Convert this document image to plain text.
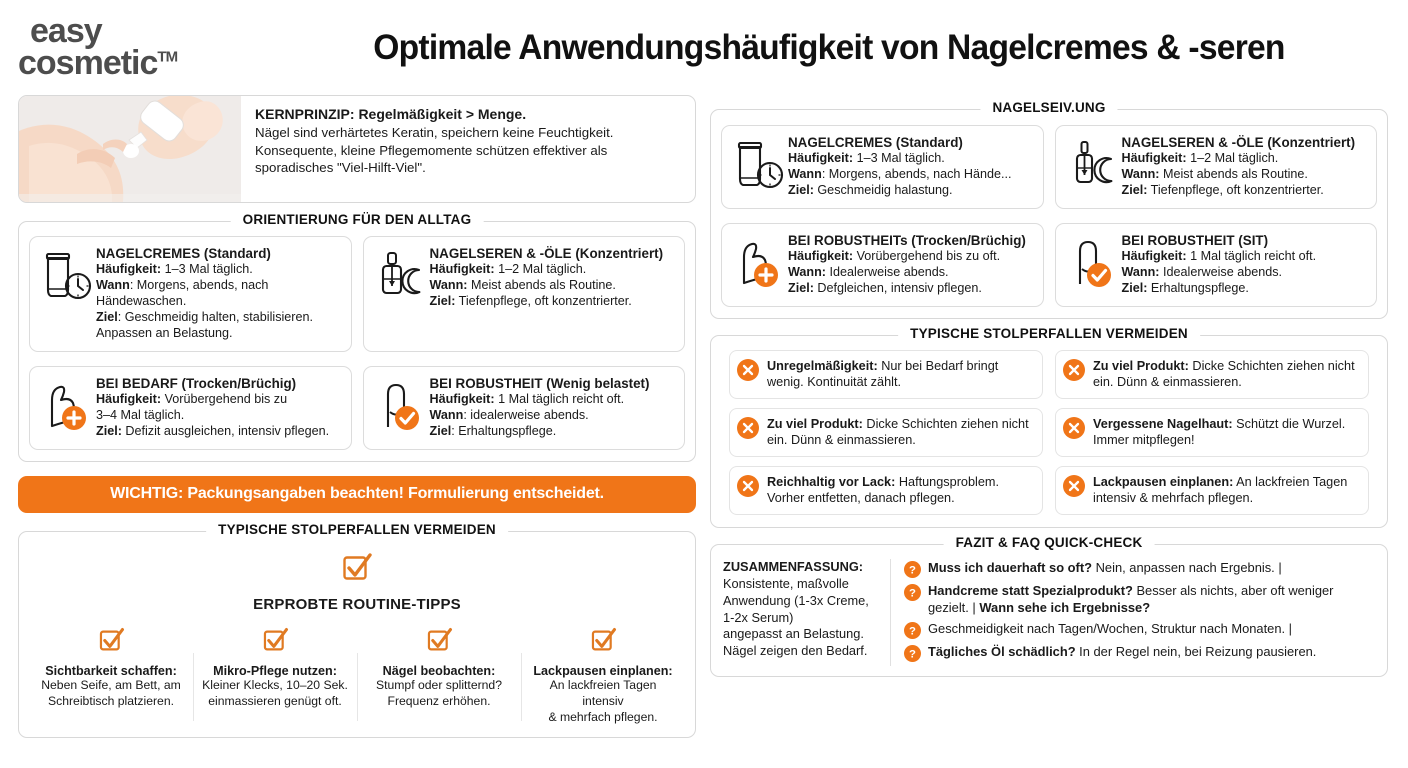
easy
cosmetic™	Optimale Anwendungshäufigkeit von Nagelcremes & -seren
KERNPRINZIP: Regelmäßigkeit > Menge.
Nägel sind verhärtetes Keratin, speichern keine Feuchtigkeit.
Konsequente, kleine Pflegemomente schützen effektiver als
sporadisches "Viel-Hilft-Viel".
ORIENTIERUNG FÜR DEN ALLTAG
NAGELCREMES (Standard)
Häufigkeit: 1–3 Mal täglich.
Wann: Morgens, abends, nach Händewaschen.
Ziel: Geschmeidig halten, stabilisieren.
Anpassen an Belastung.
NAGELSEREN & -ÖLE (Konzentriert)
Häufigkeit: 1–2 Mal täglich.
Wann: Meist abends als Routine.
Ziel: Tiefenpflege, oft konzentrierter.
BEI BEDARF (Trocken/Brüchig)
Häufigkeit: Vorübergehend bis zu
3–4 Mal täglich.
Ziel: Defizit ausgleichen, intensiv pflegen.
BEI ROBUSTHEIT (Wenig belastet)
Häufigkeit: 1 Mal täglich reicht oft.
Wann: idealerweise abends.
Ziel: Erhaltungspflege.
WICHTIG: Packungsangaben beachten! Formulierung entscheidet.
TYPISCHE STOLPERFALLEN VERMEIDEN
ERPROBTE ROUTINE-TIPPS
Sichtbarkeit schaffen:
Neben Seife, am Bett, am
Schreibtisch platzieren.
Mikro-Pflege nutzen:
Kleiner Klecks, 10–20 Sek.
einmassieren genügt oft.
Nägel beobachten:
Stumpf oder splitternd?
Frequenz erhöhen.
Lackpausen einplanen:
An lackfreien Tagen intensiv
& mehrfach pflegen.
NAGELSEIV.UNG
NAGELCREMES (Standard)
Häufigkeit: 1–3 Mal täglich.
Wann: Morgens, abends, nach Hände...
Ziel: Geschmeidig halastung.
NAGELSEREN & -ÖLE (Konzentriert)
Häufigkeit: 1–2 Mal täglich.
Wann: Meist abends als Routine.
Ziel: Tiefenpflege, oft konzentrierter.
BEI ROBUSTHEITs (Trocken/Brüchig)
Häufigkeit: Vorübergehend bis zu oft.
Wann: Idealerweise abends.
Ziel: Defgleichen, intensiv pflegen.
BEI ROBUSTHEIT (SIT)
Häufigkeit: 1 Mal täglich reicht oft.
Wann: Idealerweise abends.
Ziel: Erhaltungspflege.
TYPISCHE STOLPERFALLEN VERMEIDEN
Unregelmäßigkeit: Nur bei Bedarf bringt wenig. Kontinuität zählt.
Zu viel Produkt: Dicke Schichten ziehen nicht ein. Dünn & einmassieren.
Zu viel Produkt: Dicke Schichten ziehen nicht ein. Dünn & einmassieren.
Vergessene Nagelhaut: Schützt die Wurzel. Immer mitpflegen!
Reichhaltig vor Lack: Haftungsproblem. Vorher entfetten, danach pflegen.
Lackpausen einplanen: An lackfreien Tagen intensiv & mehrfach pflegen.
FAZIT & FAQ QUICK-CHECK
ZUSAMMENFASSUNG:
Konsistente, maßvolle
Anwendung (1-3x Creme,
1-2x Serum)
angepasst an Belastung.
Nägel zeigen den Bedarf.
? Muss ich dauerhaft so oft? Nein, anpassen nach Ergebnis. |
? Handcreme statt Spezialprodukt? Besser als nichts, aber oft weniger gezielt. | Wann sehe ich Ergebnisse?
? Geschmeidigkeit nach Tagen/Wochen, Struktur nach Monaten. |
? Tägliches Öl schädlich? In der Regel nein, bei Reizung pausieren.
